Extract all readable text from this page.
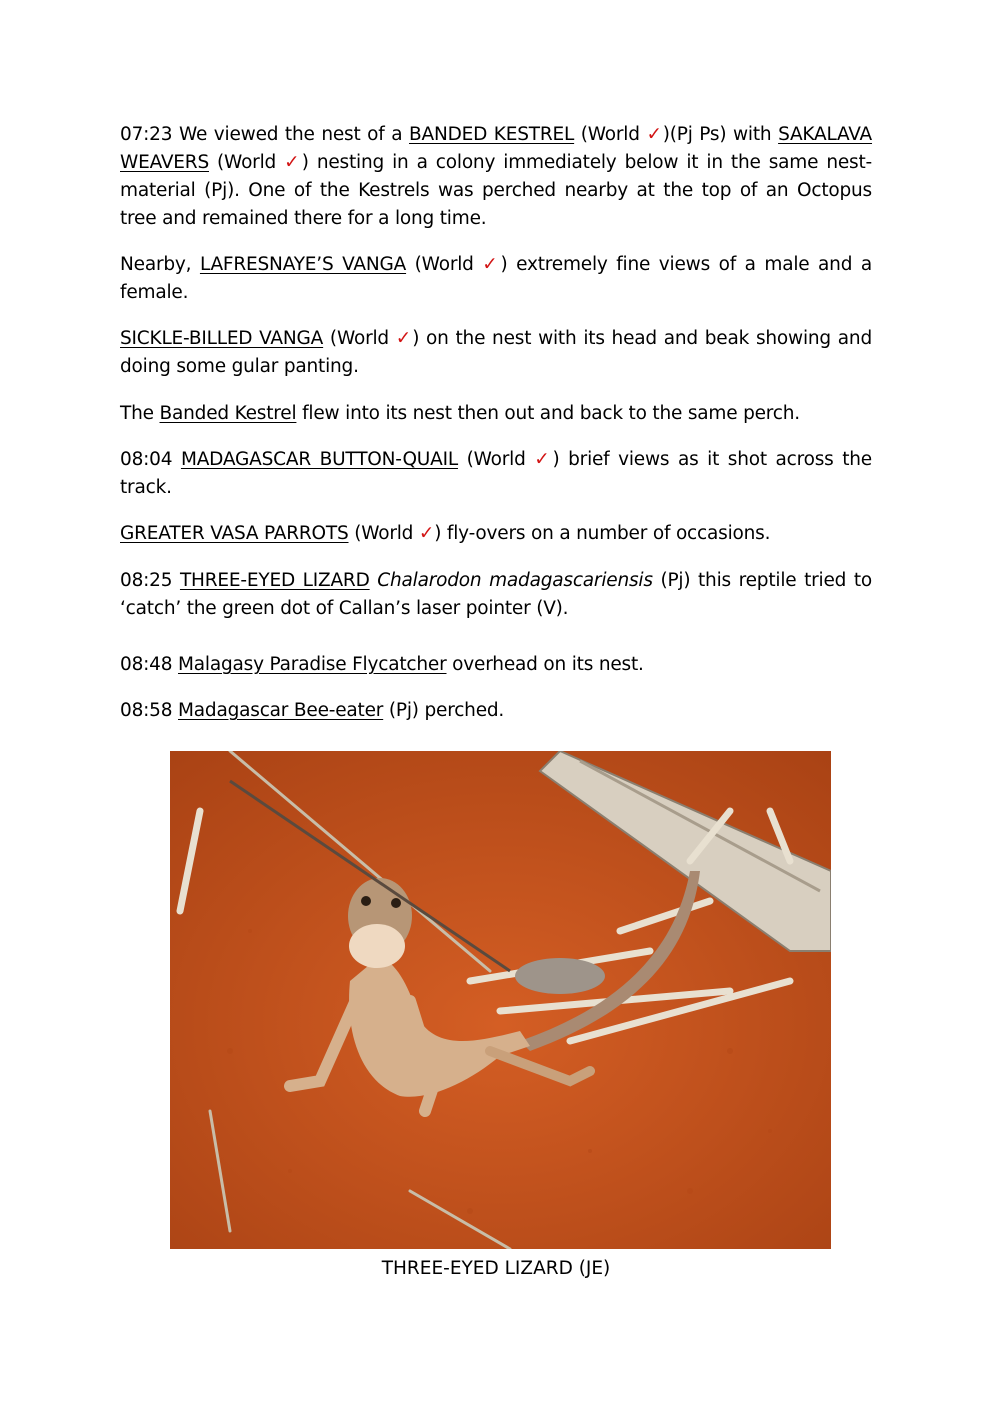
07:23 We viewed the nest of a BANDED KESTREL (World ✓)(Pj Ps) with SAKALAVA WEAVERS (World ✓) nesting in a colony immediately below it in the same nest-material (Pj). One of the Kestrels was perched nearby at the top of an Octopus tree and remained there for a long time.

Nearby, LAFRESNAYE’S VANGA (World ✓) extremely fine views of a male and a female.

SICKLE-BILLED VANGA (World ✓) on the nest with its head and beak showing and doing some gular panting.

The Banded Kestrel flew into its nest then out and back to the same perch.

08:04 MADAGASCAR BUTTON-QUAIL (World ✓) brief views as it shot across the track.

GREATER VASA PARROTS (World ✓) fly-overs on a number of occasions.

08:25 THREE-EYED LIZARD Chalarodon madagascariensis (Pj) this reptile tried to ‘catch’ the green dot of Callan’s laser pointer (V).

08:48 Malagasy Paradise Flycatcher overhead on its nest.

08:58 Madagascar Bee-eater (Pj) perched.

THREE-EYED LIZARD (JE)
